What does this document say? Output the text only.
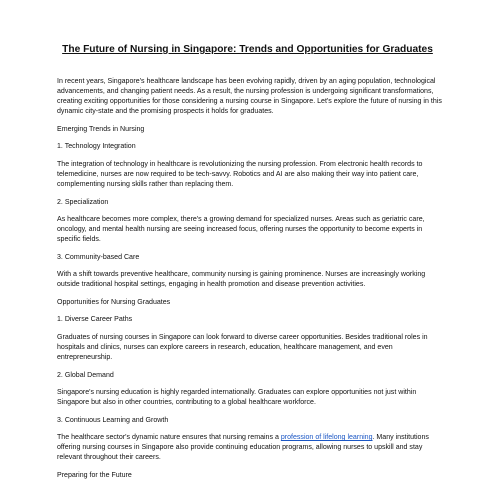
The Future of Nursing in Singapore: Trends and Opportunities for Graduates

In recent years, Singapore's healthcare landscape has been evolving rapidly, driven by an aging population, technological advancements, and changing patient needs. As a result, the nursing profession is undergoing significant transformations, creating exciting opportunities for those considering a nursing course in Singapore. Let's explore the future of nursing in this dynamic city-state and the promising prospects it holds for graduates.

Emerging Trends in Nursing

1. Technology Integration

The integration of technology in healthcare is revolutionizing the nursing profession. From electronic health records to telemedicine, nurses are now required to be tech-savvy. Robotics and AI are also making their way into patient care, complementing nursing skills rather than replacing them.

2. Specialization

As healthcare becomes more complex, there's a growing demand for specialized nurses. Areas such as geriatric care, oncology, and mental health nursing are seeing increased focus, offering nurses the opportunity to become experts in specific fields.

3. Community-based Care

With a shift towards preventive healthcare, community nursing is gaining prominence. Nurses are increasingly working outside traditional hospital settings, engaging in health promotion and disease prevention activities.

Opportunities for Nursing Graduates

1. Diverse Career Paths

Graduates of nursing courses in Singapore can look forward to diverse career opportunities. Besides traditional roles in hospitals and clinics, nurses can explore careers in research, education, healthcare management, and even entrepreneurship.

2. Global Demand

Singapore's nursing education is highly regarded internationally. Graduates can explore opportunities not just within Singapore but also in other countries, contributing to a global healthcare workforce.

3. Continuous Learning and Growth

The healthcare sector's dynamic nature ensures that nursing remains a profession of lifelong learning. Many institutions offering nursing courses in Singapore also provide continuing education programs, allowing nurses to upskill and stay relevant throughout their careers.

Preparing for the Future
